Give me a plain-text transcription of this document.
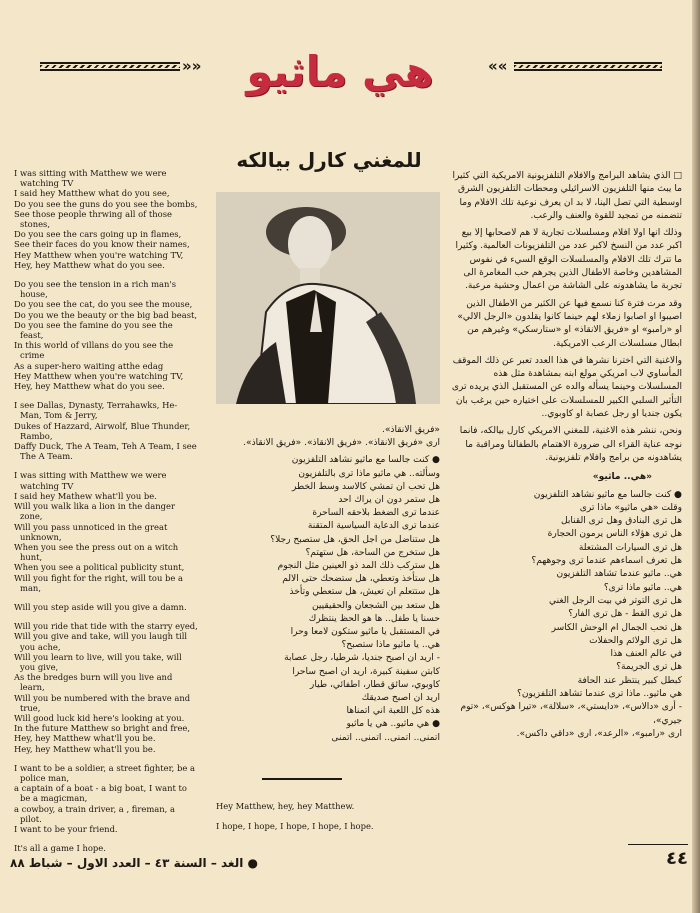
»»	««
هي ماثيو
للمغني كارل بيالكه

I was sitting with Matthew we were watching TV

I said hey Matthew what do you see,

Do you see the guns do you see the bombs,

See those people thrwing all of those stones,

Do you see the cars going up in flames,

See their faces do you know their names,

Hey Matthew when you're watching TV,

Hey, hey Matthew what do you see.

Do you see the tension in a rich man's house,

Do you see the cat, do you see the mouse,

Do you we the beauty or the big bad beast,

Do you see the famine do you see the feast,

In this world of villans do you see the crime

As a super-hero waiting atthe edag

Hey Matthew when you're watching TV,

Hey, hey Matthew what do you see.

I see Dallas, Dynasty, Terrahawks, He-Man, Tom & Jerry,

Dukes of Hazzard, Airwolf, Blue Thunder, Rambo,

Daffy Duck, The A Team, Teh A Team, I see The A Team.

I was sitting with Matthew we were watching TV

I said hey Mathew what'll you be.

Will you walk lika a lion in the danger zone,

Will you pass unnoticed in the great unknown,

When you see the press out on a witch hunt,

When you see a political publicity stunt,

Will you fight for the right, will tou be a man,

Will you step aside will you give a damn.

Will you ride that tide with the starry eyed,

Will you give and take, will you laugh till you ache,

Will you learn to live, will you take, will you give,

As the bredges burn will you live and learn,

Will you be numbered with the brave and true,

Will good luck kid here's looking at you.

In the future Matthew so bright and free,

Hey, hey Matthew what'll you be.

Hey, hey Matthew what'll you be.

I want to be a soldier, a street fighter, be a police man,

a captain of a boat - a big boat, I want to be a magicman,

a cowboy, a train driver, a , fireman, a pilot.

I want to be your friend.

It's all a game I hope.

«فريق الانقاذ».
ارى «فريق الانقاذ». «فريق الانقاذ». «فريق الانقاذ».
● كنت جالسا مع ماثيو نشاهد التلفزيون
وسألته.. هي ماثيو ماذا ترى بالتلفزيون
هل تحب ان تمشي كالاسد وسط الخطر
هل ستمر دون ان يراك احد
عندما ترى الضغط بلاحقه الساحرة
عندما ترى الدعاية السياسية المتقنة
هل ستناضل من اجل الحق، هل ستصبح رجلا؟
هل ستخرج من الساحة، هل ستهتم؟
هل ستركب ذلك المد ذو العينين مثل النجوم
هل ستأخذ وتعطي، هل ستضحك حتى الالم
هل ستتعلم ان تعيش، هل ستعطي وتأخذ
هل ستعد بين الشجعان والحقيقيين
حسنا يا طفل.. ها هو الحظ ينتظرك
في المستقبل يا ماثيو ستكون لامعا وحرا
هي.. يا ماثيو ماذا ستصبح؟
- اريد ان اصبح جنديا، شرطيا، رجل عصابة
كابتن سفينة كبيرة، اريد ان اصبح ساحرا
كاوبوي، سائق قطار، اطفائي، طيار
اريد ان اصبح صديقك
هذه كل اللعبة اني اتمناها
● هي ماثيو.. هي يا ماثيو
اتمنى.. اتمنى.. اتمنى.. اتمنى
Hey Matthew, hey, hey Matthew.
I hope, I hope, I hope, I hope, I hope.

□ الذي يشاهد البرامج والافلام التلفزيونية الامريكية التي كثيرا ما يبث منها التلفزيون الاسرائيلي ومحطات التلفزيون الشرق اوسطية التي تصل الينا، لا بد ان يعرف نوعية تلك الافلام وما تتضمنه من تمجيد للقوة والعنف والرعب.

وذلك انها اولا افلام ومسلسلات تجارية لا هم لاصحابها إلا بيع اكبر عدد من النسخ لاكبر عدد من التلفزيونات العالمية. وكثيرا ما تترك تلك الافلام والمسلسلات الوقع السيء في نفوس المشاهدين وخاصة الاطفال الذين يجرهم حب المغامرة الى تجربة ما يشاهدونه على الشاشة من اعمال وحشية مرعبة.

وقد مرت فترة كنا نسمع فيها عن الكثير من الاطفال الذين اصيبوا او اصابوا زملاء لهم حينما كانوا يقلدون «الرجل الالي» او «رامبو» او «فريق الانقاذ» او «ستارسكي» وغيرهم من ابطال مسلسلات الرعب الامريكية.

والاغنية التي اخترنا نشرها في هذا العدد تعبر عن ذلك الموقف المأساوي لاب امريكي مولع ابنه بمشاهدة مثل هذه المسلسلات وحينما يسأله والده عن المستقبل الذي يريده ترى التأثير السلبي الكبير للمسلسلات على اختياره حين يرغب بان يكون جنديا او رجل عصابة او كاوبوي..

ونحن، ننشر هذه الاغنية، للمغني الامريكي كارل بيالكه، فانما نوجه عناية القراء الى ضرورة الاهتمام بالطفالنا ومراقبة ما يشاهدونه من برامج وافلام تلفزيونية.

«هي.. ماثيو»

● كنت جالسا مع ماثيو نشاهد التلفزيون
وقلت «هي ماثيو» ماذا ترى
هل ترى البنادق وهل ترى القنابل
هل ترى هؤلاء الناس يرمون الحجارة
هل ترى السيارات المشتعلة
هل تعرف اسماءهم عندما ترى وجوههم؟
هي.. ماثيو عندما تشاهد التلفزيون
هي.. ماثيو ماذا ترى؟
هل ترى التوتر في بيت الرجل الغني
هل ترى القط - هل ترى الفار؟
هل تحب الجمال ام الوحش الكاسر
هل ترى الولائم والحفلات
في عالم العنف هذا
هل ترى الجريمة؟
كبطل كبير ينتظر عند الحافة
هي ماثيو.. ماذا ترى عندما تشاهد التلفزيون؟
- أرى «دالاس»، «دايستي»، «سلالة»، «تيرا هوكس»، «توم جيري»،
ارى «رامبو»، «الرعد»، ارى «داقي داكس».
● الغد – السنة ٤٣ – العدد الاول – شباط ٨٨	٤٤
